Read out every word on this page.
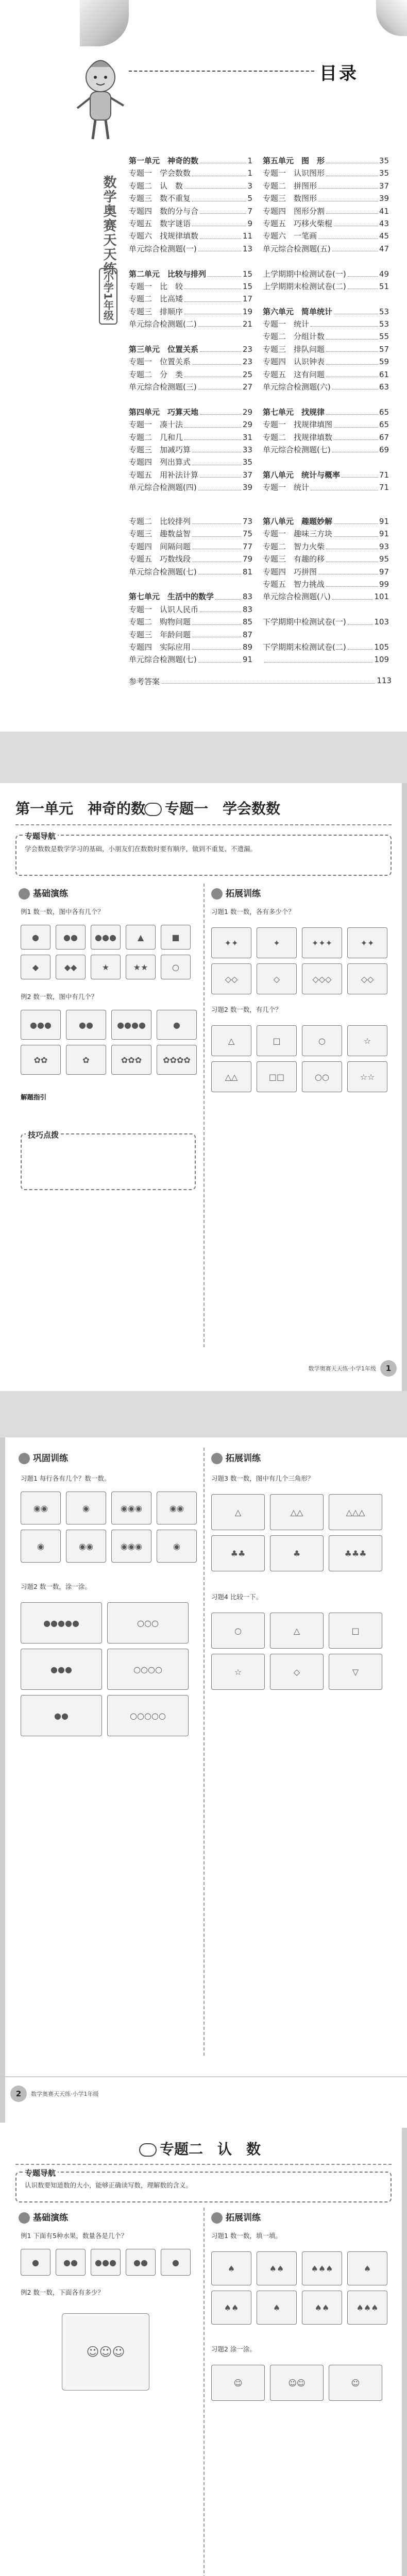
目录
数学奥赛天天练
小学1年级
第一单元　神奇的数	1
专题一　学会数数	1
专题二　认　数	3
专题三　数不重复	5
专题四　数的分与合	7
专题五　数字谜语	9
专题六　找规律填数	11
单元综合检测题(一)	13
第二单元　比较与排列	15
专题一　比　较	15
专题二　比高矮	17
专题三　排顺序	19
单元综合检测题(二)	21
第三单元　位置关系	23
专题一　位置关系	23
专题二　分　类	25
单元综合检测题(三)	27
第四单元　巧算天地	29
专题一　凑十法	29
专题二　几和几	31
专题三　加减巧算	33
专题四　列出算式	35
专题五　用补法计算	37
单元综合检测题(四)	39
第五单元　图　形	35
专题一　认识图形	35
专题二　拼图形	37
专题三　数图形	39
专题四　图形分割	41
专题五　巧移火柴棍	43
专题六　一笔画	45
单元综合检测题(五)	47
上学期期中检测试卷(一)	49
上学期期末检测试卷(二)	51
第六单元　简单统计	53
专题一　统计	53
专题二　分组计数	55
专题三　排队问题	57
专题四　认识钟表	59
专题五　这有问题	61
单元综合检测题(六)	63
第七单元　找规律	65
专题一　找规律填图	65
专题二　找规律填数	67
单元综合检测题(七)	69
第八单元　统计与概率	71
专题一　统计	71
专题二　比较排列	73
专题三　趣数益智	75
专题四　间隔问题	77
专题五　巧数线段	79
单元综合检测题(七)	81
第七单元　生活中的数学	83
专题一　认识人民币	83
专题二　购物问题	85
专题三　年龄问题	87
专题四　实际应用	89
单元综合检测题(七)	91
第八单元　趣题妙解	91
专题一　趣味三方块	91
专题二　智力火柴	93
专题三　有趣的移	95
专题四　巧拼图	97
专题五　智力挑战	99
单元综合检测题(八)	101
下学期期中检测试卷(一)	103
下学期期末检测试卷(二)	105
109
参考答案	113
第一单元　神奇的数	专题一　学会数数
专题导航
学会数数是数学学习的基础，小朋友们在数数时要有顺序，做到不重复、不遗漏。
基础演练	拓展训练
例1 数一数，图中各有几个？
●	●●	●●●	▲	■
◆	◆◆	★	★★	○
例2 数一数，图中有几个？
●●●	●●	●●●●	●
✿✿	✿	✿✿✿	✿✿✿✿
解题指引
技巧点拨
习题1 数一数，各有多少个？
✦✦	✦	✦✦✦	✦✦
◇◇	◇	◇◇◇	◇◇
习题2 数一数，有几个？
△	□	○	☆
△△	□□	○○	☆☆
数学奥赛天天练·小学1年级	1
巩固训练	拓展训练
习题1 每行各有几个？数一数。
◉◉	◉	◉◉◉	◉◉
◉	◉◉	◉◉◉	◉
习题2 数一数，涂一涂。
●●●●●	○○○
●●●	○○○○
●●	○○○○○
习题3 数一数，图中有几个三角形？
△	△△	△△△
♣♣	♣	♣♣♣
习题4 比较一下。
○	△	□
☆	◇	▽
2	数学奥赛天天练·小学1年级
专题二　认　数
专题导航
认识数要知道数的大小，能够正确读写数，理解数的含义。
基础演练	拓展训练
例1 下面有5种水果，数量各是几个？
●	●●	●●●	●●	●
例2 数一数，下面各有多少？
☺☺☺
习题1 数一数，填一填。
♠	♠♠	♠♠♠	♠
♠♠	♠	♠♠	♠♠♠
习题2 涂一涂。
☺	☺☺	☺
